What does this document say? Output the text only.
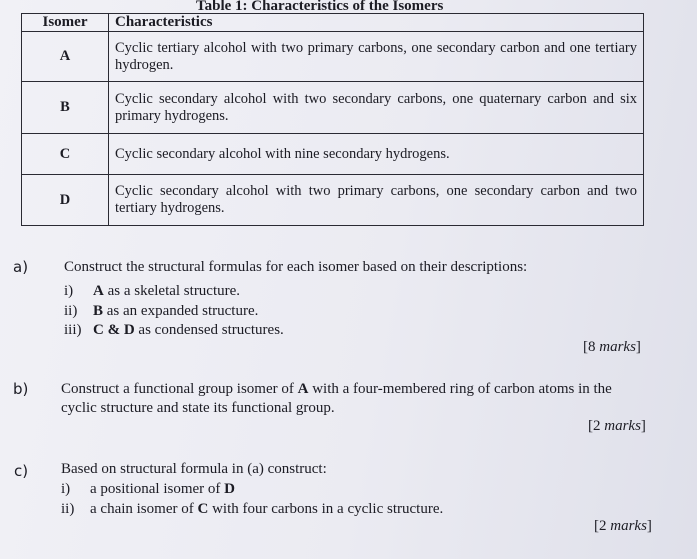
Table 1: Characteristics of the Isomers
Isomer	Characteristics
A	Cyclic tertiary alcohol with two primary carbons, one secondary carbon and one tertiary hydrogen.
B	Cyclic secondary alcohol with two secondary carbons, one quaternary carbon and six primary hydrogens.
C	Cyclic secondary alcohol with nine secondary hydrogens.
D	Cyclic secondary alcohol with two primary carbons, one secondary carbon and two tertiary hydrogens.
a) Construct the structural formulas for each isomer based on their descriptions:
i) A as a skeletal structure.
ii) B as an expanded structure.
iii) C & D as condensed structures.
[8 marks]
b) Construct a functional group isomer of A with a four-membered ring of carbon atoms in the cyclic structure and state its functional group.
[2 marks]
c) Based on structural formula in (a) construct:
i) a positional isomer of D
ii) a chain isomer of C with four carbons in a cyclic structure.
[2 marks]
